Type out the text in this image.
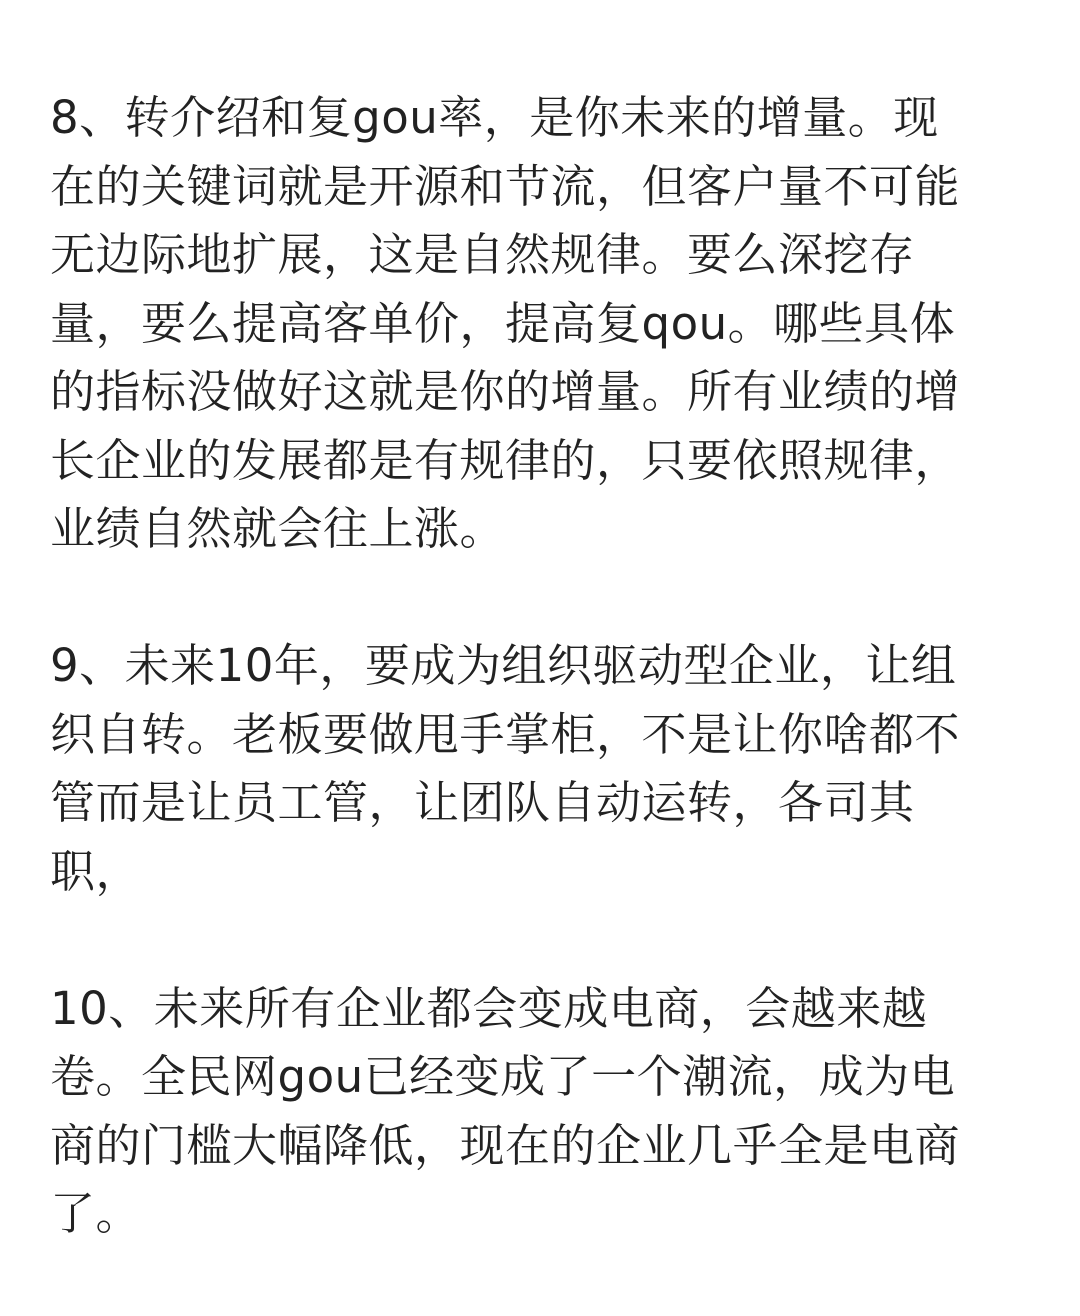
8、转介绍和复gou率，是你未来的增量。现
在的关键词就是开源和节流，但客户量不可能
无边际地扩展，这是自然规律。要么深挖存
量，要么提高客单价，提高复qou。哪些具体
的指标没做好这就是你的增量。所有业绩的增
长企业的发展都是有规律的，只要依照规律，
业绩自然就会往上涨。
9、未来10年，要成为组织驱动型企业，让组
织自转。老板要做甩手掌柜，不是让你啥都不
管而是让员工管，让团队自动运转，各司其
职，
10、未来所有企业都会变成电商，会越来越
卷。全民网gou已经变成了一个潮流，成为电
商的门槛大幅降低，现在的企业几乎全是电商
了。
